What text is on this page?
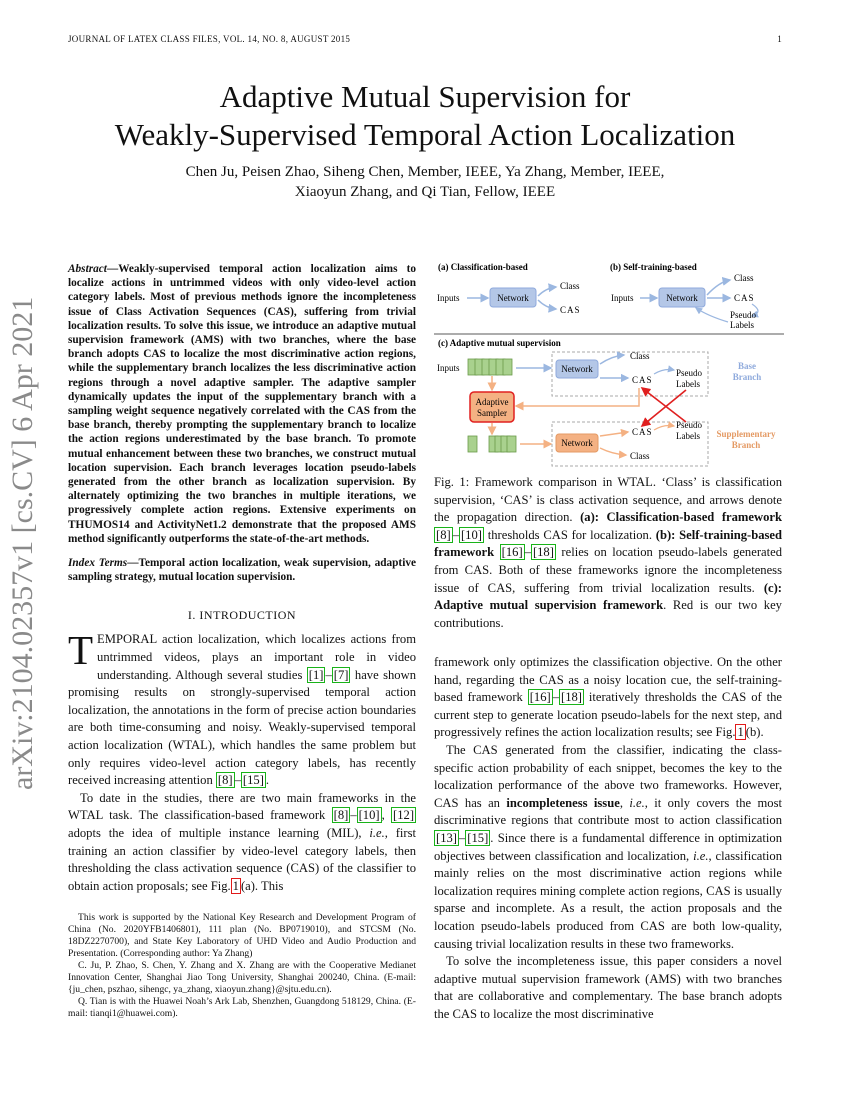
JOURNAL OF LATEX CLASS FILES, VOL. 14, NO. 8, AUGUST 2015	1
arXiv:2104.02357v1 [cs.CV] 6 Apr 2021
Adaptive Mutual Supervision for
Weakly-Supervised Temporal Action Localization
Chen Ju, Peisen Zhao, Siheng Chen, Member, IEEE, Ya Zhang, Member, IEEE,
Xiaoyun Zhang, and Qi Tian, Fellow, IEEE

Abstract—Weakly-supervised temporal action localization aims to localize actions in untrimmed videos with only video-level action category labels. Most of previous methods ignore the incompleteness issue of Class Activation Sequences (CAS), suffering from trivial localization results. To solve this issue, we introduce an adaptive mutual supervision framework (AMS) with two branches, where the base branch adopts CAS to localize the most discriminative action regions, while the supplementary branch localizes the less discriminative action regions through a novel adaptive sampler. The adaptive sampler dynamically updates the input of the supplementary branch with a sampling weight sequence negatively correlated with the CAS from the base branch, thereby prompting the supplementary branch to localize the action regions underestimated by the base branch. To promote mutual enhancement between these two branches, we construct mutual location supervision. Each branch leverages location pseudo-labels generated from the other branch as localization supervision. By alternately optimizing the two branches in multiple iterations, we progressively complete action regions. Extensive experiments on THUMOS14 and ActivityNet1.2 demonstrate that the proposed AMS method significantly outperforms the state-of-the-art methods.

Index Terms—Temporal action localization, weak supervision, adaptive sampling strategy, mutual location supervision.

I. INTRODUCTION

TEMPORAL action localization, which localizes actions from untrimmed videos, plays an important role in video understanding. Although several studies [1] – [7] have shown promising results on strongly-supervised temporal action localization, the annotations in the form of precise action boundaries are both time-consuming and noisy. Weakly-supervised temporal action localization (WTAL), which handles the same problem but only requires video-level action category labels, has recently received increasing attention [8] – [15] .

To date in the studies, there are two main frameworks in the WTAL task. The classification-based framework [8] – [10] , [12] adopts the idea of multiple instance learning (MIL), i.e., first training an action classifier by video-level category labels, then thresholding the class activation sequence (CAS) of the classifier to obtain action proposals; see Fig. 1 (a). This

This work is supported by the National Key Research and Development Program of China (No. 2020YFB1406801), 111 plan (No. BP0719010), and STCSM (No. 18DZ2270700), and State Key Laboratory of UHD Video and Audio Production and Presentation. (Corresponding author: Ya Zhang)

C. Ju, P. Zhao, S. Chen, Y. Zhang and X. Zhang are with the Cooperative Medianet Innovation Center, Shanghai Jiao Tong University, Shanghai 200240, China. (E-mail: {ju_chen, pszhao, sihengc, ya_zhang, xiaoyun.zhang}@sjtu.edu.cn).

Q. Tian is with the Huawei Noah’s Ark Lab, Shenzhen, Guangdong 518129, China. (E-mail: tianqi1@huawei.com).

(a) Classification-based
Inputs	Network
Class
CAS
(b) Self-training-based
Inputs	Network
Class
CAS
Pseudo
Labels
(c) Adaptive mutual supervision
Inputs	Network
Class
CAS
Pseudo
Labels
Base
Branch
Adaptive
Sampler
Network
CAS
Class
Pseudo
Labels Supplementary
Branch

Fig. 1: Framework comparison in WTAL. ‘Class’ is classification supervision, ‘CAS’ is class activation sequence, and arrows denote the propagation direction. (a): Classification-based framework [8] – [10] thresholds CAS for localization. (b): Self-training-based framework [16] – [18] relies on location pseudo-labels generated from CAS. Both of these frameworks ignore the incompleteness issue of CAS, suffering from trivial localization results. (c): Adaptive mutual supervision framework. Red is our two key contributions.

framework only optimizes the classification objective. On the other hand, regarding the CAS as a noisy location cue, the self-training-based framework [16] – [18] iteratively thresholds the CAS of the current step to generate location pseudo-labels for the next step, and progressively refines the action localization results; see Fig. 1 (b).

The CAS generated from the classifier, indicating the class-specific action probability of each snippet, becomes the key to the localization performance of the above two frameworks. However, CAS has an incompleteness issue, i.e., it only covers the most discriminative regions that contribute most to action classification [13] – [15] . Since there is a fundamental difference in optimization objectives between classification and localization, i.e., classification mainly relies on the most discriminative action regions while localization requires mining complete action regions, CAS is usually sparse and incomplete. As a result, the action proposals and the location pseudo-labels produced from CAS are both low-quality, causing trivial localization results in these two frameworks.

To solve the incompleteness issue, this paper considers a novel adaptive mutual supervision framework (AMS) with two branches that are collaborative and complementary. The base branch adopts the CAS to localize the most discriminative
